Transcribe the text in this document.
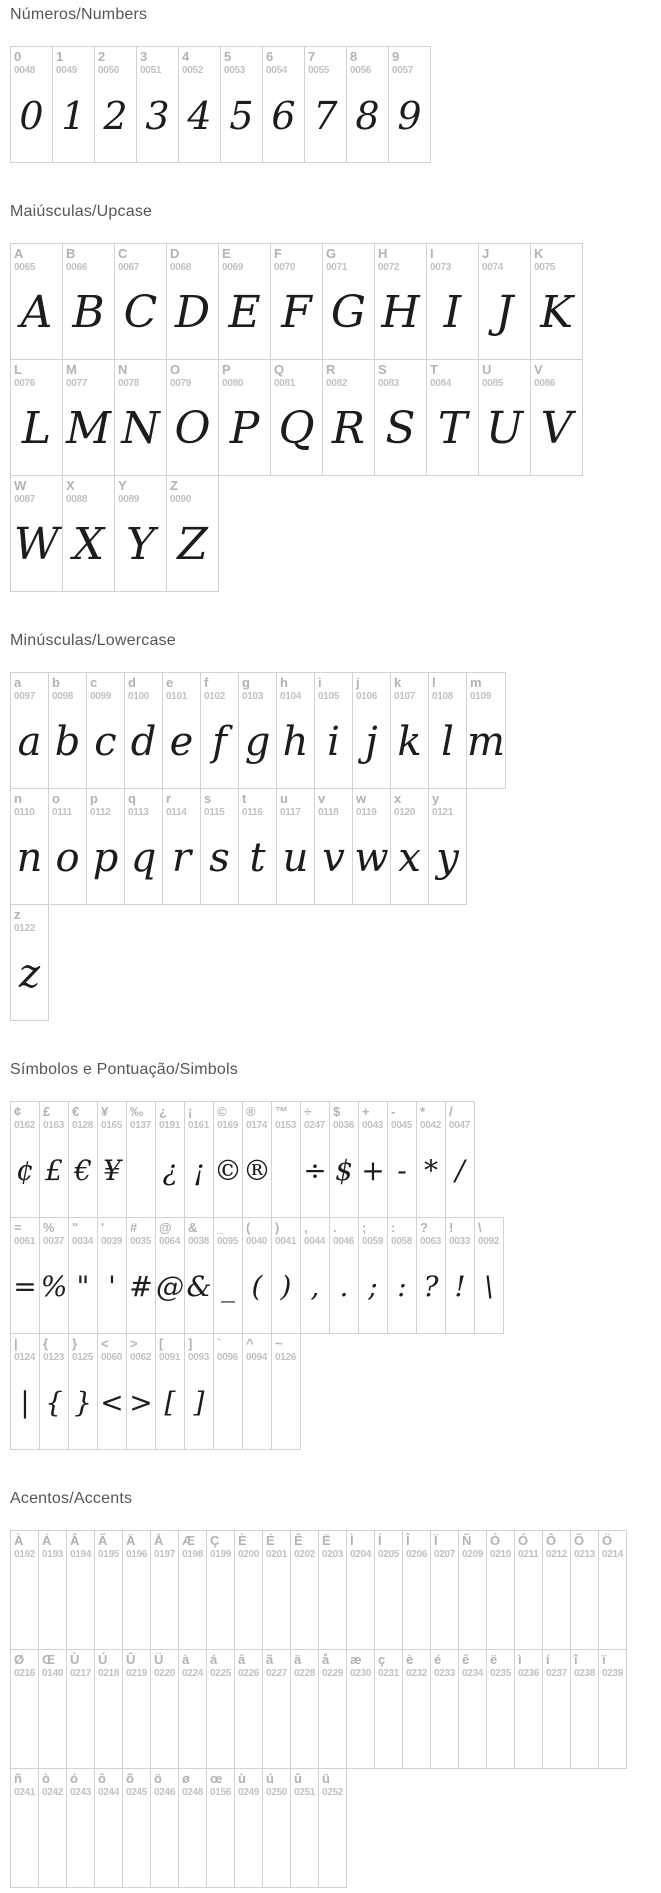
Números/Numbers
0
0048
0
1
0049
1
2
0050
2
3
0051
3
4
0052
4
5
0053
5
6
0054
6
7
0055
7
8
0056
8
9
0057
9
Maiúsculas/Upcase
A
0065
A
B
0066
B
C
0067
C
D
0068
D
E
0069
E
F
0070
F
G
0071
G
H
0072
H
I
0073
I
J
0074
J
K
0075
K
L
0076
L
M
0077
M
N
0078
N
O
0079
O
P
0080
P
Q
0081
Q
R
0082
R
S
0083
S
T
0084
T
U
0085
U
V
0086
V
W
0087
W
X
0088
X
Y
0089
Y
Z
0090
Z
Minúsculas/Lowercase
a
0097
a
b
0098
b
c
0099
c
d
0100
d
e
0101
e
f
0102
f
g
0103
g
h
0104
h
i
0105
i
j
0106
j
k
0107
k
l
0108
l
m
0109
m
n
0110
n
o
0111
o
p
0112
p
q
0113
q
r
0114
r
s
0115
s
t
0116
t
u
0117
u
v
0118
v
w
0119
w
x
0120
x
y
0121
y
z
0122
z
Símbolos e Pontuação/Simbols
¢
0162
¢
£
0163
£
€
0128
€
¥
0165
¥
‰
0137
¿
0191
¿
¡
0161
¡
©
0169
©
®
0174
®
™
0153
÷
0247
÷
$
0036
$
+
0043
+
-
0045
-
*
0042
*
/
0047
/
=
0061
=
%
0037
%
"
0034
"
'
0039
'
#
0035
#
@
0064
@
&
0038
&
_
0095
_
(
0040
(
)
0041
)
,
0044
,
.
0046
.
;
0059
;
:
0058
:
?
0063
?
!
0033
!
\
0092
\
|
0124
|
{
0123
{
}
0125
}
<
0060
<
>
0062
>
[
0091
[
]
0093
]
`
0096
^
0094
~
0126
Acentos/Accents
À
0192
Á
0193
Â
0194
Ã
0195
Ä
0196
Å
0197
Æ
0198
Ç
0199
È
0200
É
0201
Ê
0202
Ë
0203
Ì
0204
Í
0205
Î
0206
Ï
0207
Ñ
0209
Ò
0210
Ó
0211
Ô
0212
Õ
0213
Ö
0214
Ø
0216
Œ
0140
Ù
0217
Ú
0218
Û
0219
Ü
0220
à
0224
á
0225
â
0226
ã
0227
ä
0228
å
0229
æ
0230
ç
0231
è
0232
é
0233
ê
0234
ë
0235
ì
0236
í
0237
î
0238
ï
0239
ñ
0241
ò
0242
ó
0243
ô
0244
õ
0245
ö
0246
ø
0248
œ
0156
ù
0249
ú
0250
û
0251
ü
0252
